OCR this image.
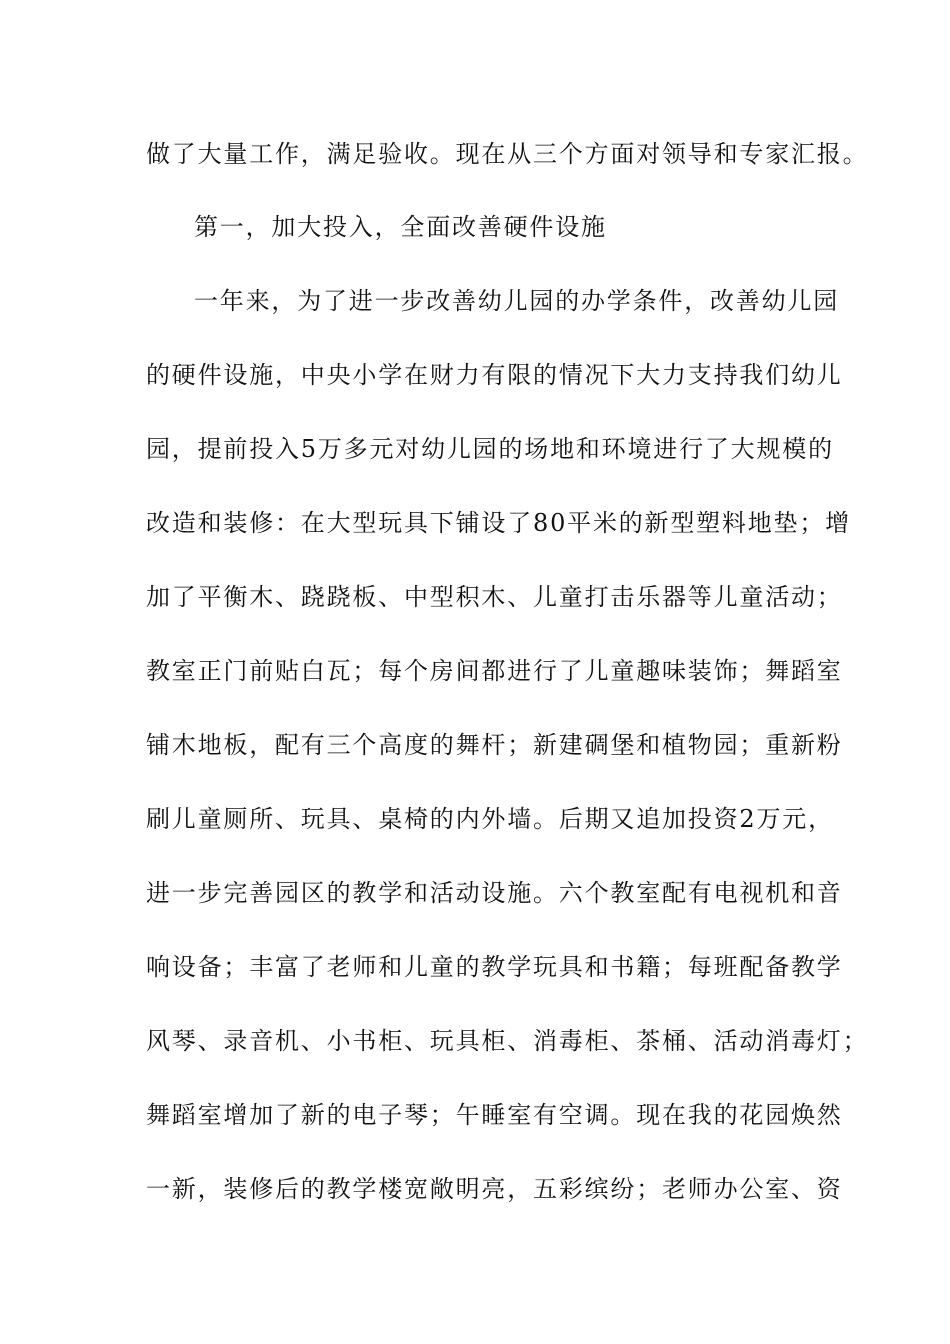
做了大量工作，满足验收。现在从三个方面对领导和专家汇报。
第一，加大投入，全面改善硬件设施
一年来，为了进一步改善幼儿园的办学条件，改善幼儿园
的硬件设施，中央小学在财力有限的情况下大力支持我们幼儿
园，提前投入5万多元对幼儿园的场地和环境进行了大规模的
改造和装修：在大型玩具下铺设了80平米的新型塑料地垫；增
加了平衡木、跷跷板、中型积木、儿童打击乐器等儿童活动；
教室正门前贴白瓦；每个房间都进行了儿童趣味装饰；舞蹈室
铺木地板，配有三个高度的舞杆；新建碉堡和植物园；重新粉
刷儿童厕所、玩具、桌椅的内外墙。后期又追加投资2万元，
进一步完善园区的教学和活动设施。六个教室配有电视机和音
响设备；丰富了老师和儿童的教学玩具和书籍；每班配备教学
风琴、录音机、小书柜、玩具柜、消毒柜、茶桶、活动消毒灯；
舞蹈室增加了新的电子琴；午睡室有空调。现在我的花园焕然
一新，装修后的教学楼宽敞明亮，五彩缤纷；老师办公室、资
